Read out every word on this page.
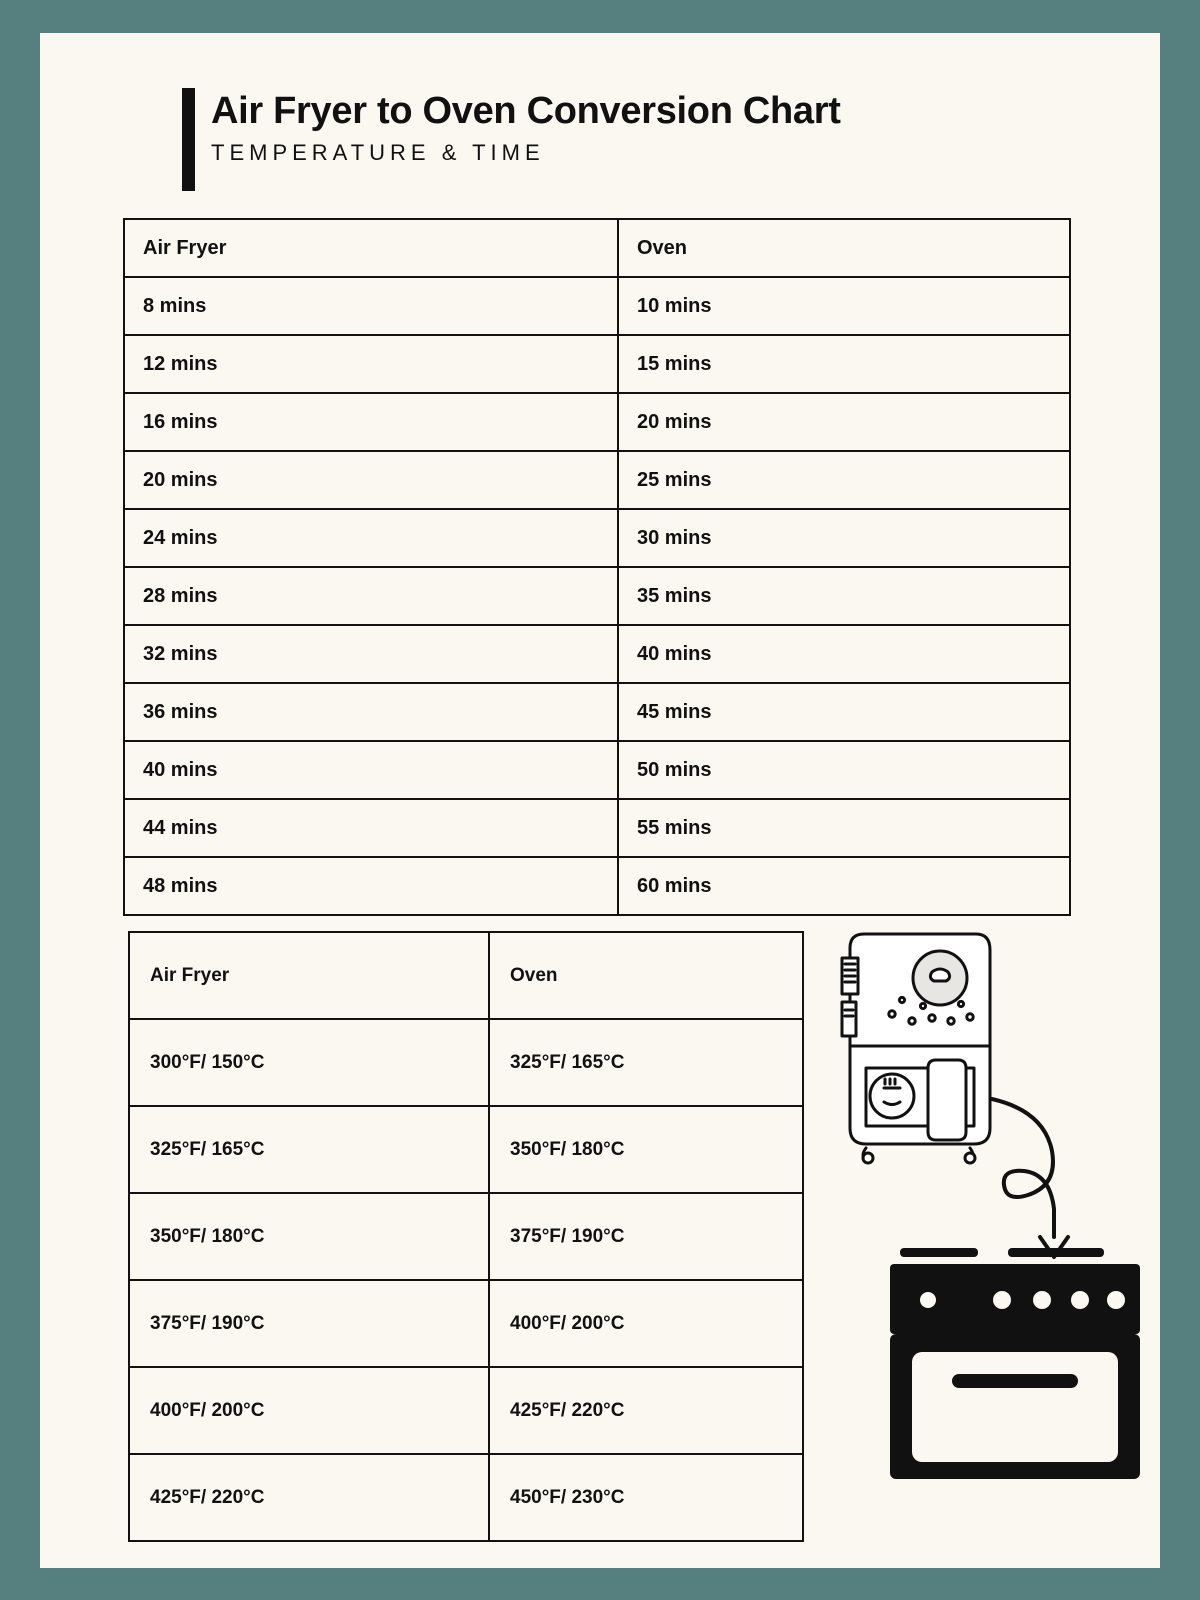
Air Fryer to Oven Conversion Chart
TEMPERATURE & TIME
Air Fryer	Oven
8 mins	10 mins
12 mins	15 mins
16 mins	20 mins
20 mins	25 mins
24 mins	30 mins
28 mins	35 mins
32 mins	40 mins
36 mins	45 mins
40 mins	50 mins
44 mins	55 mins
48 mins	60 mins
Air Fryer	Oven
300°F/ 150°C	325°F/ 165°C
325°F/ 165°C	350°F/ 180°C
350°F/ 180°C	375°F/ 190°C
375°F/ 190°C	400°F/ 200°C
400°F/ 200°C	425°F/ 220°C
425°F/ 220°C	450°F/ 230°C
